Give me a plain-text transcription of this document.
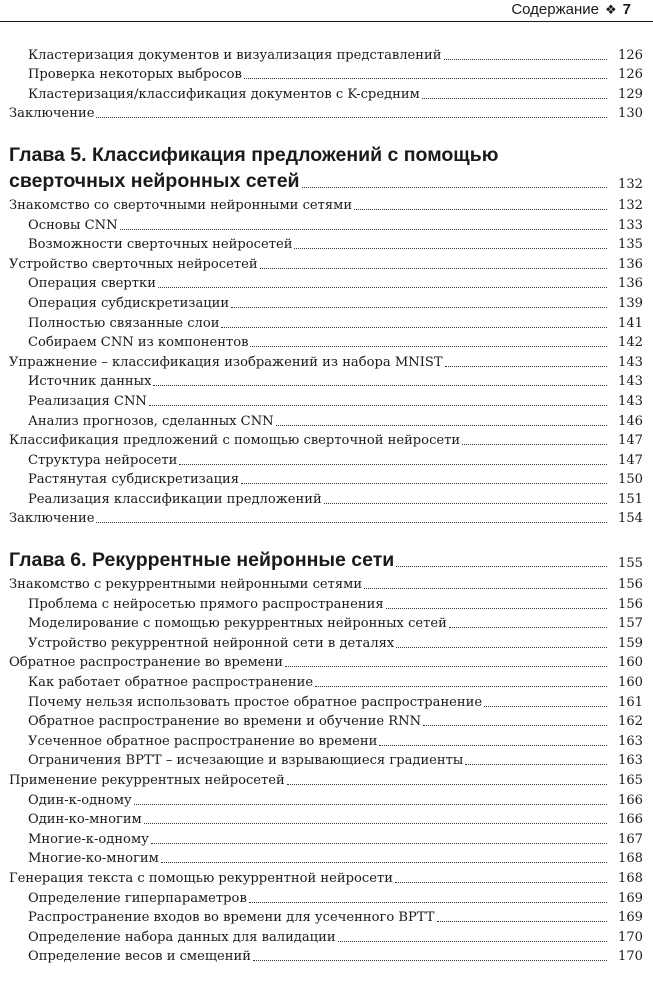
Содержание ❖ 7
Кластеризация документов и визуализация представлений	126
Проверка некоторых выбросов	126
Кластеризация/классификация документов с K-средним	129
Заключение	130
Глава 5. Классификация предложений с помощью
сверточных нейронных сетей	132
Знакомство со сверточными нейронными сетями	132
Основы CNN	133
Возможности сверточных нейросетей	135
Устройство сверточных нейросетей	136
Операция свертки	136
Операция субдискретизации	139
Полностью связанные слои	141
Собираем CNN из компонентов	142
Упражнение – классификация изображений из набора MNIST	143
Источник данных	143
Реализация CNN	143
Анализ прогнозов, сделанных CNN	146
Классификация предложений с помощью сверточной нейросети	147
Структура нейросети	147
Растянутая субдискретизация	150
Реализация классификации предложений	151
Заключение	154
Глава 6. Рекуррентные нейронные сети	155
Знакомство с рекуррентными нейронными сетями	156
Проблема с нейросетью прямого распространения	156
Моделирование с помощью рекуррентных нейронных сетей	157
Устройство рекуррентной нейронной сети в деталях	159
Обратное распространение во времени	160
Как работает обратное распространение	160
Почему нельзя использовать простое обратное распространение	161
Обратное распространение во времени и обучение RNN	162
Усеченное обратное распространение во времени	163
Ограничения BPTT – исчезающие и взрывающиеся градиенты	163
Применение рекуррентных нейросетей	165
Один-к-одному	166
Один-ко-многим	166
Многие-к-одному	167
Многие-ко-многим	168
Генерация текста с помощью рекуррентной нейросети	168
Определение гиперпараметров	169
Распространение входов во времени для усеченного BPTT	169
Определение набора данных для валидации	170
Определение весов и смещений	170
